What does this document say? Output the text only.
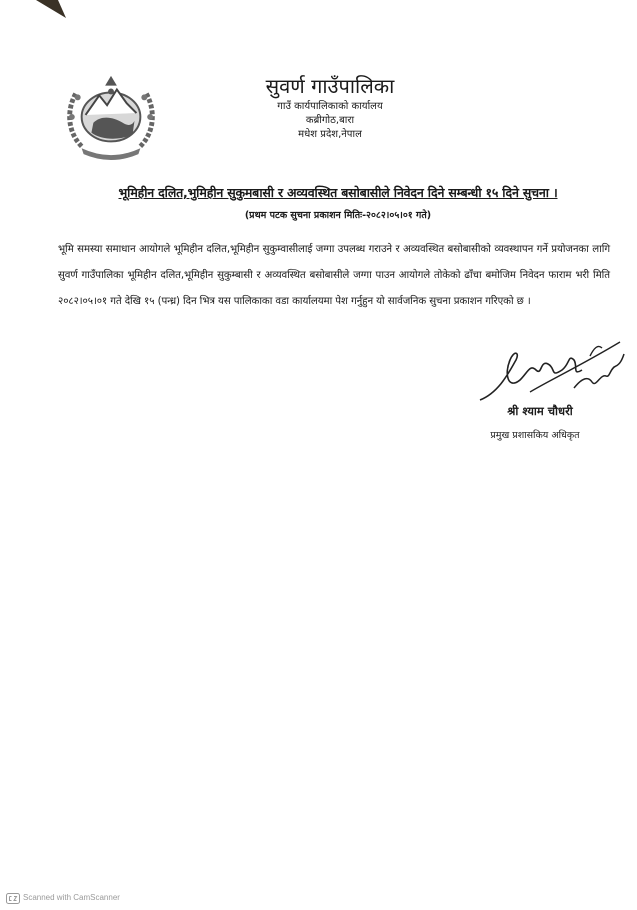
सुवर्ण गाउँपालिका
गाउँ कार्यपालिकाको कार्यालय
कब्रीगोठ,बारा
मधेश प्रदेश,नेपाल
भूमिहीन दलित,भुमिहीन सुकुमबासी र अव्यवस्थित बसोबासीले निवेदन दिने सम्बन्धी १५ दिने सुचना ।
(प्रथम पटक सुचना प्रकाशन मितिः-२०८२।०५।०१ गते)
भूमि समस्या समाधान आयोगले भूमिहीन दलित,भूमिहीन सुकुम्वासीलाई जग्गा उपलब्ध गराउने र अव्यवस्थित बसोबासीको व्यवस्थापन गर्ने प्रयोजनका लागि सुवर्ण गाउँपालिका भूमिहीन दलित,भूमिहीन सुकुम्बासी र अव्यवस्थित बसोबासीले जग्गा पाउन आयोगले तोकेको ढाँचा बमोजिम निवेदन फाराम भरी मिति २०८२।०५।०१ गते देखि १५ (पन्ध्र) दिन भित्र यस पालिकाका वडा कार्यालयमा पेश गर्नुहुन यो सार्वजनिक सुचना प्रकाशन गरिएको छ ।
श्री श्याम चौधरी
प्रमुख प्रशासकिय अधिकृत
Scanned with CamScanner
